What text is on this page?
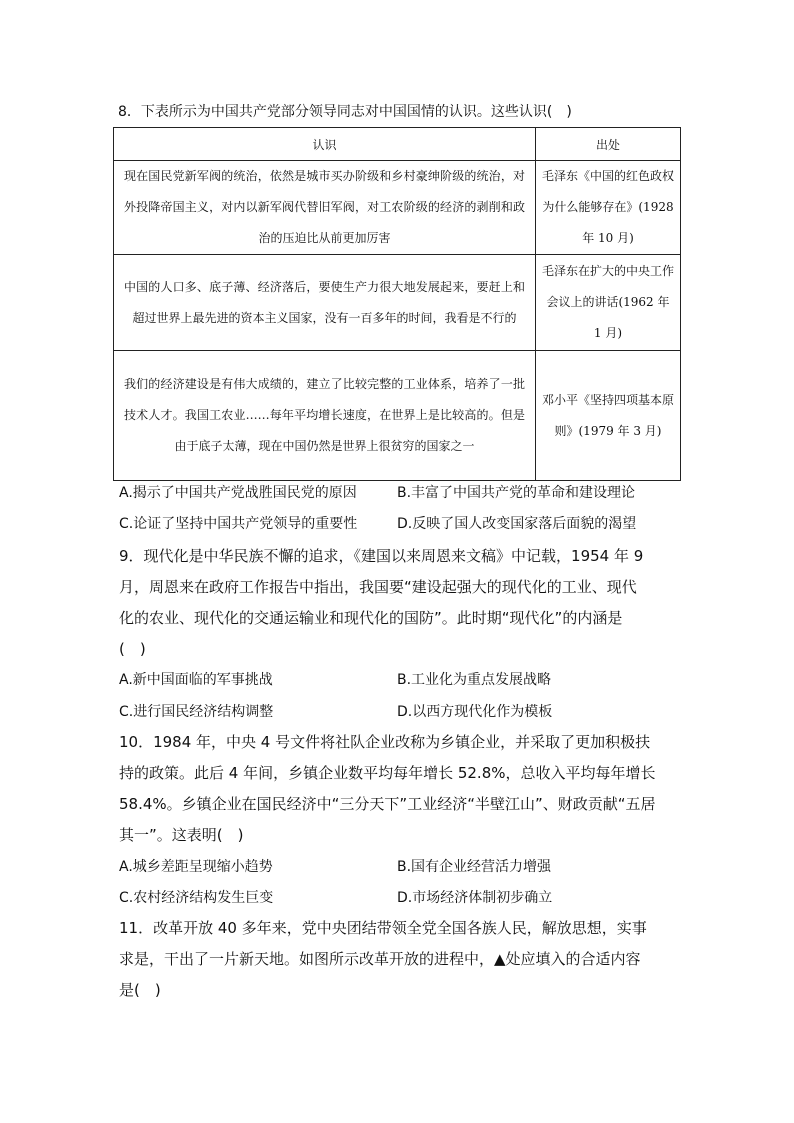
8．下表所示为中国共产党部分领导同志对中国国情的认识。这些认识(　)
认识	出处
现在国民党新军阀的统治，依然是城市买办阶级和乡村豪绅阶级的统治，对外投降帝国主义，对内以新军阀代替旧军阀，对工农阶级的经济的剥削和政治的压迫比从前更加厉害	毛泽东《中国的红色政权为什么能够存在》(1928 年 10 月)
中国的人口多、底子薄、经济落后，要使生产力很大地发展起来，要赶上和超过世界上最先进的资本主义国家，没有一百多年的时间，我看是不行的	毛泽东在扩大的中央工作会议上的讲话(1962 年 1 月)
我们的经济建设是有伟大成绩的，建立了比较完整的工业体系，培养了一批技术人才。我国工农业……每年平均增长速度，在世界上是比较高的。但是由于底子太薄，现在中国仍然是世界上很贫穷的国家之一	邓小平《坚持四项基本原则》(1979 年 3 月)
A.揭示了中国共产党战胜国民党的原因	B.丰富了中国共产党的革命和建设理论
C.论证了坚持中国共产党领导的重要性	D.反映了国人改变国家落后面貌的渴望
9．现代化是中华民族不懈的追求，《建国以来周恩来文稿》中记载，1954 年 9
月，周恩来在政府工作报告中指出，我国要“建设起强大的现代化的工业、现代
化的农业、现代化的交通运输业和现代化的国防”。此时期“现代化”的内涵是
(　)
A.新中国面临的军事挑战	B.工业化为重点发展战略
C.进行国民经济结构调整	D.以西方现代化作为模板
10．1984 年，中央 4 号文件将社队企业改称为乡镇企业，并采取了更加积极扶
持的政策。此后 4 年间，乡镇企业数平均每年增长 52.8%，总收入平均每年增长
58.4%。乡镇企业在国民经济中“三分天下”工业经济“半壁江山”、财政贡献“五居
其一”。这表明(　)
A.城乡差距呈现缩小趋势	B.国有企业经营活力增强
C.农村经济结构发生巨变	D.市场经济体制初步确立
11．改革开放 40 多年来，党中央团结带领全党全国各族人民，解放思想，实事
求是，干出了一片新天地。如图所示改革开放的进程中，▲处应填入的合适内容
是(　)
